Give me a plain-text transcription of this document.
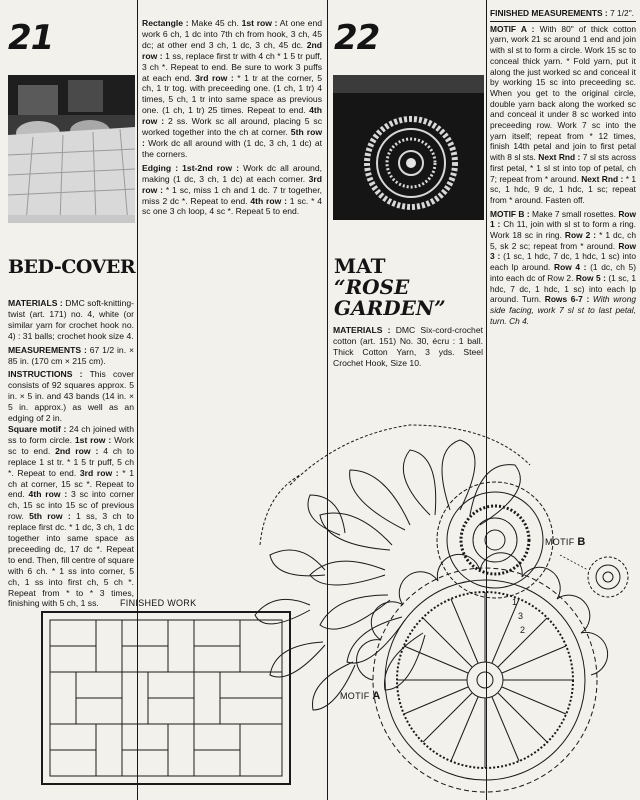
21
BED-COVER

MATERIALS : DMC soft-knitting-twist (art. 171) no. 4, white (or similar yarn for crochet hook no. 4) : 31 balls; crochet hook size 4.

MEASUREMENTS : 67 1/2 in. × 85 in. (170 cm × 215 cm).

INSTRUCTIONS : This cover consists of 92 squares approx. 5 in. × 5 in. and 43 bands (14 in. × 5 in. approx.) as well as an edging of 2 in.

Square motif : 24 ch joined with ss to form circle. 1st row : Work sc to end. 2nd row : 4 ch to replace 1 st tr. * 1 5 tr puff, 5 ch *. Repeat to end. 3rd row : * 1 ch at corner, 15 sc *. Repeat to end. 4th row : 3 sc into corner ch, 15 sc into 15 sc of previous row. 5th row : 1 ss, 3 ch to replace first dc. * 1 dc, 3 ch, 1 dc together into same space as preceeding dc, 17 dc *. Repeat to end. Then, fill centre of square with 6 ch. * 1 ss into corner, 5 ch, 1 ss into first ch, 5 ch *. Repeat from * to * 3 times, finishing with 5 ch, 1 ss.

Rectangle : Make 45 ch. 1st row : At one end work 6 ch, 1 dc into 7th ch from hook, 3 ch, 45 dc; at other end 3 ch, 1 dc, 3 ch, 45 dc. 2nd row : 1 ss, replace first tr with 4 ch * 1 5 tr puff, 3 ch *. Repeat to end. Be sure to work 3 puffs at each end. 3rd row : * 1 tr at the corner, 5 ch, 1 tr tog. with preceeding one. (1 ch, 1 tr) 4 times, 5 ch, 1 tr into same space as previous one. (1 ch, 1 tr) 25 times. Repeat to end. 4th row : 2 ss. Work sc all around, placing 5 sc worked together into the ch at corner. 5th row : Work dc all around with (1 dc, 3 ch, 1 dc) at the corners.

Edging : 1st-2nd row : Work dc all around, making (1 dc, 3 ch, 1 dc) at each corner. 3rd row : * 1 sc, miss 1 ch and 1 dc. 7 tr together, miss 2 dc *. Repeat to end. 4th row : 1 sc. * 4 sc one 3 ch loop, 4 sc *. Repeat 5 to end.

FINISHED WORK
22
MAT
“ROSE
GARDEN”

MATERIALS : DMC Six-cord-crochet cotton (art. 151) No. 30, écru : 1 ball. Thick Cotton Yarn, 3 yds. Steel Crochet Hook, Size 10.

1
2
3
MOTIF B
MOTIF A

FINISHED MEASUREMENTS : 7 1/2".

MOTIF A : With 80" of thick cotton yarn, work 21 sc around 1 end and join with sl st to form a circle. Work 15 sc to conceal thick yarn. * Fold yarn, put it along the just worked sc and conceal it by working 15 sc into preceeding sc. When you get to the original circle, double yarn back along the worked sc and conceal it under 8 sc worked into preceeding row. Work 7 sc into the yarn itself; repeat from * 12 times, finish 14th petal and join to first petal with 8 sl sts. Next Rnd : 7 sl sts across first petal, * 1 sl st into top of petal, ch 7; repeat from * around. Next Rnd : * 1 sc, 1 hdc, 9 dc, 1 hdc, 1 sc; repeat from * around. Fasten off.

MOTIF B : Make 7 small rosettes. Row 1 : Ch 11, join with sl st to form a ring. Work 18 sc in ring. Row 2 : * 1 dc, ch 5, sk 2 sc; repeat from * around. Row 3 : (1 sc, 1 hdc, 7 dc, 1 hdc, 1 sc) into each lp around. Row 4 : (1 dc, ch 5) into each dc of Row 2. Row 5 : (1 sc, 1 hdc, 7 dc, 1 hdc, 1 sc) into each lp around. Turn. Rows 6-7 : With wrong side facing, work 7 sl st to last petal, turn. Ch 4.
